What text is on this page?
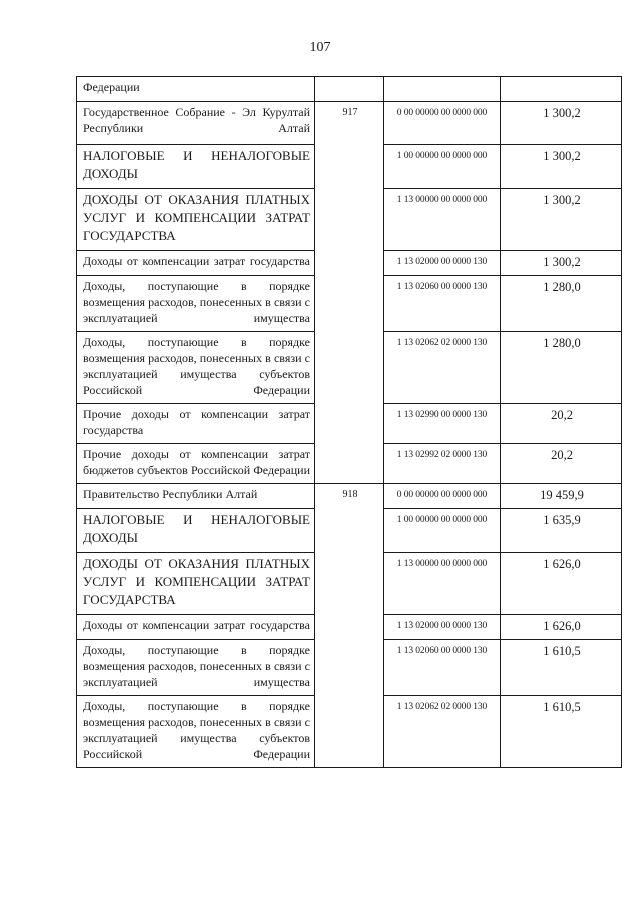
107
Федерации			
Государственное Собрание - Эл Курултай Республики Алтай	917	0 00 00000 00 0000 000	1 300,2
НАЛОГОВЫЕ И НЕНАЛОГОВЫЕ ДОХОДЫ		1 00 00000 00 0000 000	1 300,2
ДОХОДЫ ОТ ОКАЗАНИЯ ПЛАТНЫХ УСЛУГ И КОМПЕНСАЦИИ ЗАТРАТ ГОСУДАРСТВА		1 13 00000 00 0000 000	1 300,2
Доходы от компенсации затрат государства		1 13 02000 00 0000 130	1 300,2
Доходы, поступающие в порядке возмещения расходов, понесенных в связи с эксплуатацией имущества		1 13 02060 00 0000 130	1 280,0
Доходы, поступающие в порядке возмещения расходов, понесенных в связи с эксплуатацией имущества субъектов Российской Федерации		1 13 02062 02 0000 130	1 280,0
Прочие доходы от компенсации затрат государства		1 13 02990 00 0000 130	20,2
Прочие доходы от компенсации затрат бюджетов субъектов Российской Федерации		1 13 02992 02 0000 130	20,2
Правительство Республики Алтай	918	0 00 00000 00 0000 000	19 459,9
НАЛОГОВЫЕ И НЕНАЛОГОВЫЕ ДОХОДЫ		1 00 00000 00 0000 000	1 635,9
ДОХОДЫ ОТ ОКАЗАНИЯ ПЛАТНЫХ УСЛУГ И КОМПЕНСАЦИИ ЗАТРАТ ГОСУДАРСТВА		1 13 00000 00 0000 000	1 626,0
Доходы от компенсации затрат государства		1 13 02000 00 0000 130	1 626,0
Доходы, поступающие в порядке возмещения расходов, понесенных в связи с эксплуатацией имущества		1 13 02060 00 0000 130	1 610,5
Доходы, поступающие в порядке возмещения расходов, понесенных в связи с эксплуатацией имущества субъектов Российской Федерации		1 13 02062 02 0000 130	1 610,5
